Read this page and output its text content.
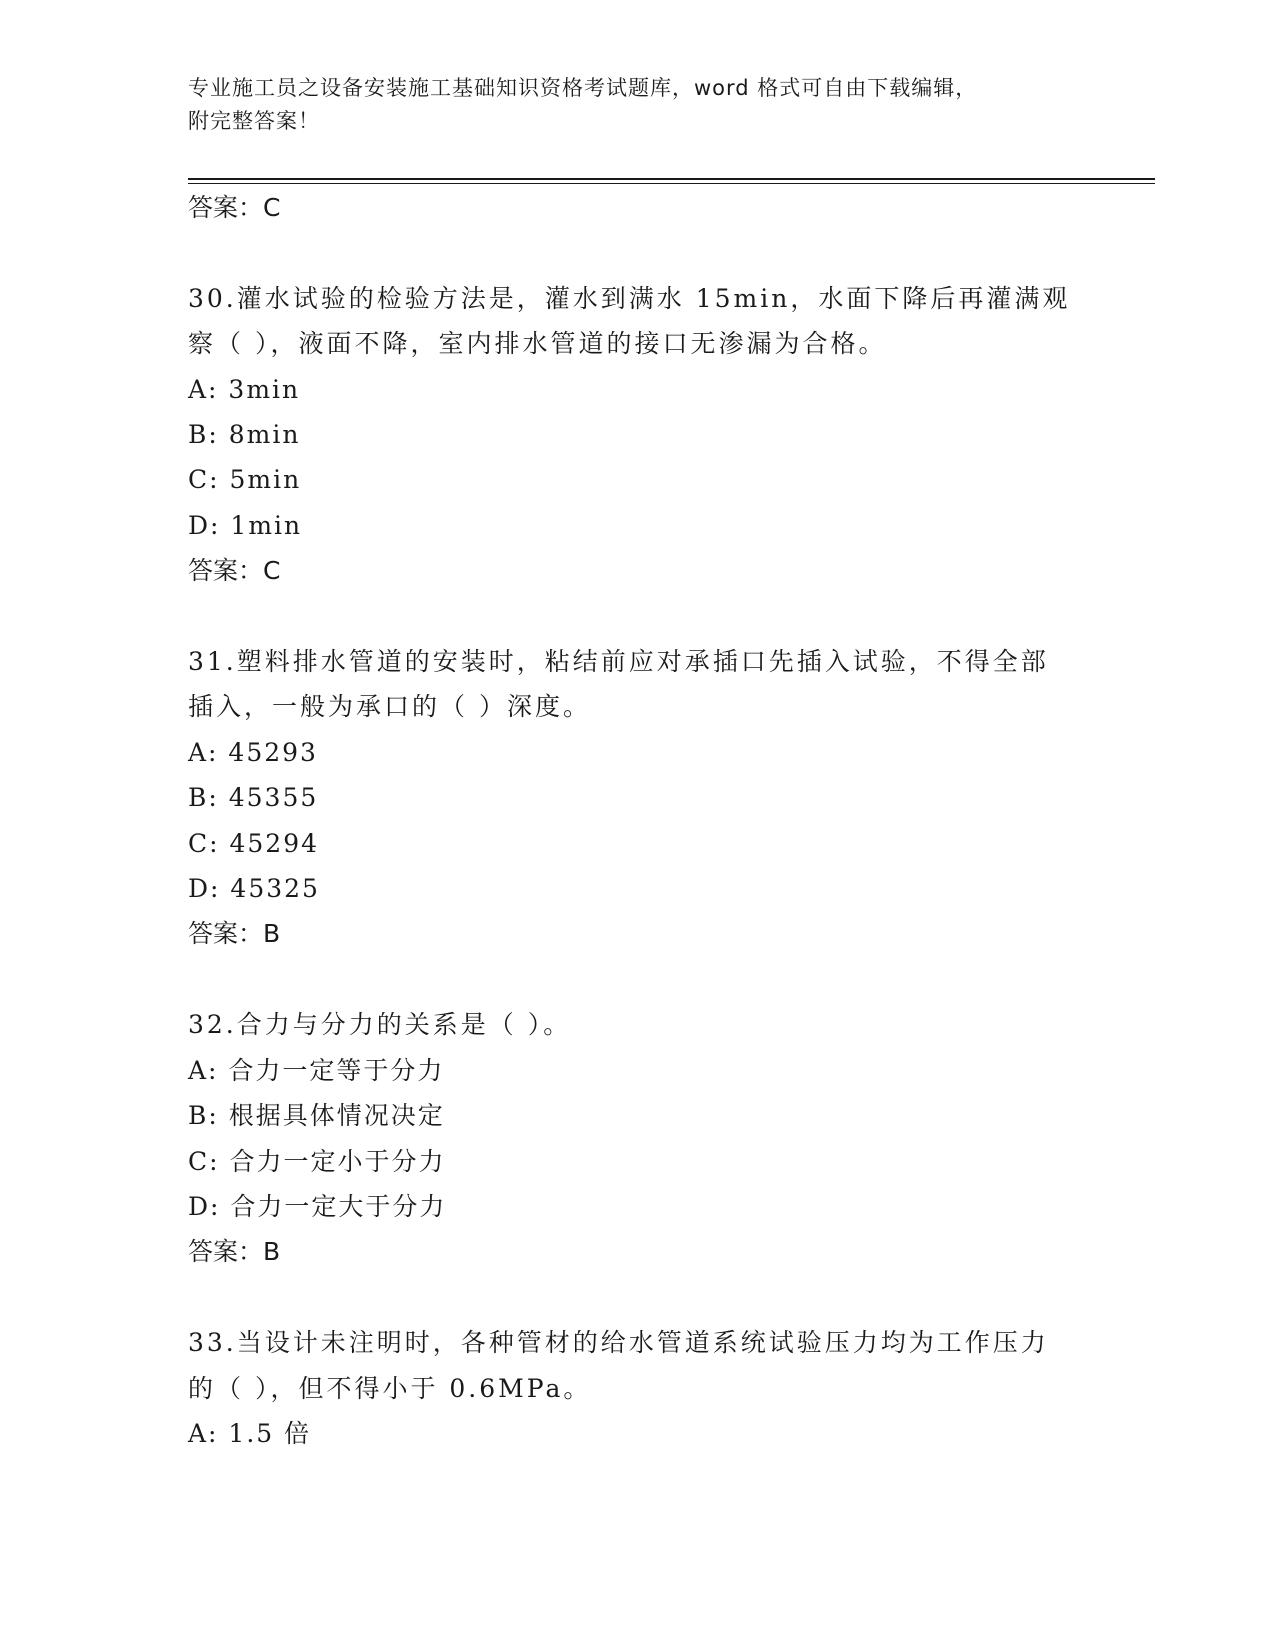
专业施工员之设备安装施工基础知识资格考试题库，word 格式可自由下载编辑，
附完整答案！
答案：C
30.灌水试验的检验方法是，灌水到满水 15min，水面下降后再灌满观
察（ ），液面不降，室内排水管道的接口无渗漏为合格。
A: 3min
B: 8min
C: 5min
D: 1min
答案：C
31.塑料排水管道的安装时，粘结前应对承插口先插入试验，不得全部
插入，一般为承口的（ ）深度。
A: 45293
B: 45355
C: 45294
D: 45325
答案：B
32.合力与分力的关系是（ ）。
A: 合力一定等于分力
B: 根据具体情况决定
C: 合力一定小于分力
D: 合力一定大于分力
答案：B
33.当设计未注明时，各种管材的给水管道系统试验压力均为工作压力
的（ ），但不得小于 0.6MPa。
A: 1.5 倍
